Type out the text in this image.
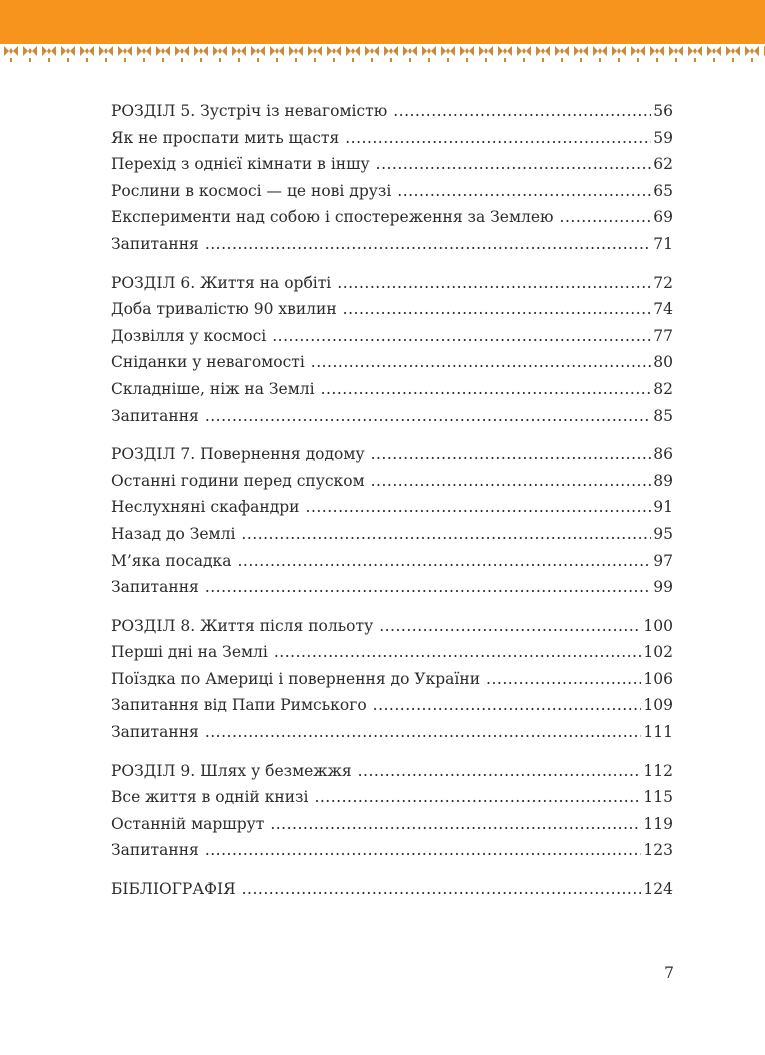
РОЗДІЛ 5. Зустріч із невагомістю .....	56
Як не проспати мить щастя .....	59
Перехід з однієї кімнати в іншу .....	62
Рослини в космосі — це нові друзі .....	65
Експерименти над собою і спостереження за Землею .....	69
Запитання .....	71
РОЗДІЛ 6. Життя на орбіті .....	72
Доба тривалістю 90 хвилин .....	74
Дозвілля у космосі .....	77
Сніданки у невагомості .....	80
Складніше, ніж на Землі .....	82
Запитання .....	85
РОЗДІЛ 7. Повернення додому .....	86
Останні години перед спуском .....	89
Неслухняні скафандри .....	91
Назад до Землі .....	95
М’яка посадка .....	97
Запитання .....	99
РОЗДІЛ 8. Життя після польоту .....	100
Перші дні на Землі .....	102
Поїздка по Америці і повернення до України .....	106
Запитання від Папи Римського .....	109
Запитання .....	111
РОЗДІЛ 9. Шлях у безмежжя .....	112
Все життя в одній книзі .....	115
Останній маршрут .....	119
Запитання .....	123
БІБЛІОГРАФІЯ .....	124
7
